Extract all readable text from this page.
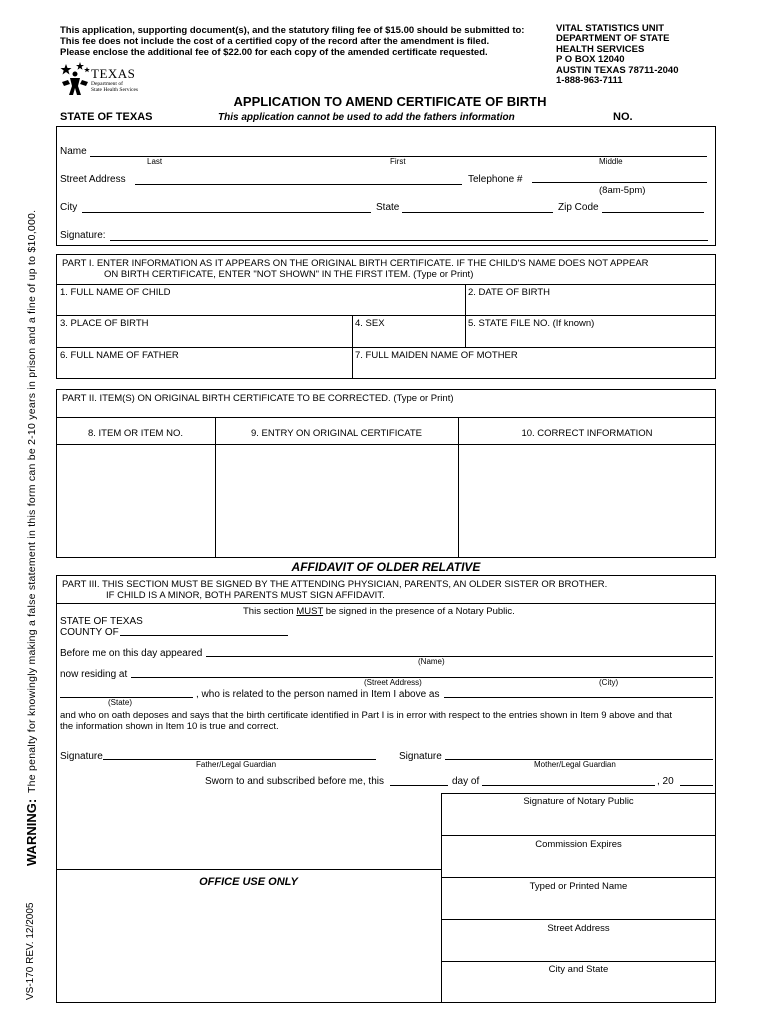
This application, supporting document(s), and the statutory filing fee of $15.00 should be submitted to:
This fee does not include the cost of a certified copy of the record after the amendment is filed.
Please enclose the additional fee of $22.00 for each copy of the amended certificate requested.
VITAL STATISTICS UNIT
DEPARTMENT OF STATE
HEALTH SERVICES
P O BOX 12040
AUSTIN TEXAS 78711-2040
1-888-963-7111
TEXAS
Department of
State Health Services
APPLICATION TO AMEND CERTIFICATE OF BIRTH
STATE OF TEXAS	This application cannot be used to add the fathers information	NO.
WARNING:
The penalty for knowingly making a false statement in this form can be 2-10 years in prison and a fine of up to $10,000.
VS-170 REV. 12/2005
Name
Last	First	Middle
Street Address	Telephone #
(8am-5pm)
City	State	Zip Code
Signature:
PART I. ENTER INFORMATION AS IT APPEARS ON THE ORIGINAL BIRTH CERTIFICATE. IF THE CHILD'S NAME DOES NOT APPEAR
ON BIRTH CERTIFICATE, ENTER "NOT SHOWN" IN THE FIRST ITEM. (Type or Print)
1. FULL NAME OF CHILD	2. DATE OF BIRTH
3. PLACE OF BIRTH	4. SEX	5. STATE FILE NO. (If known)
6. FULL NAME OF FATHER	7. FULL MAIDEN NAME OF MOTHER
PART II. ITEM(S) ON ORIGINAL BIRTH CERTIFICATE TO BE CORRECTED. (Type or Print)
8. ITEM OR ITEM NO.	9. ENTRY ON ORIGINAL CERTIFICATE	10. CORRECT INFORMATION
AFFIDAVIT OF OLDER RELATIVE
PART III. THIS SECTION MUST BE SIGNED BY THE ATTENDING PHYSICIAN, PARENTS, AN OLDER SISTER OR BROTHER.
IF CHILD IS A MINOR, BOTH PARENTS MUST SIGN AFFIDAVIT.
This section MUST be signed in the presence of a Notary Public.
STATE OF TEXAS
COUNTY OF
Before me on this day appeared
(Name)
now residing at
(Street Address)	(City)
, who is related to the person named in Item I above as
(State)
and who on oath deposes and says that the birth certificate identified in Part I is in error with respect to the entries shown in Item 9 above and that
the information shown in Item 10 is true and correct.
Signature
Father/Legal Guardian
Signature
Mother/Legal Guardian
Sworn to and subscribed before me, this	day of	, 20
Signature of Notary Public
Commission Expires
Typed or Printed Name
Street Address
City and State
OFFICE USE ONLY
